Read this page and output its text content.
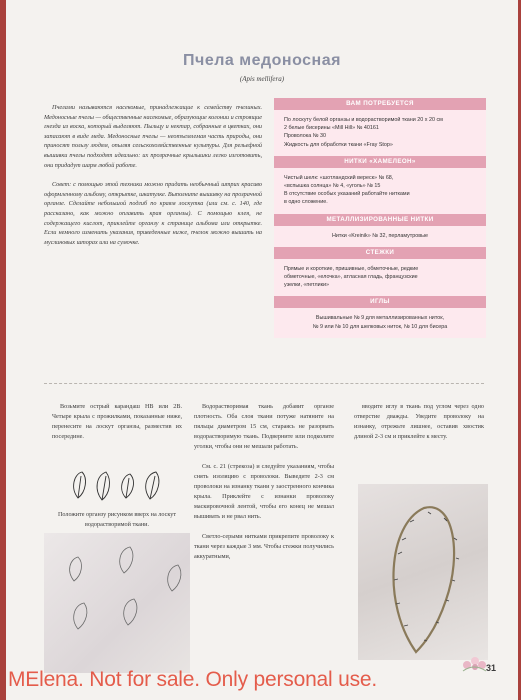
Пчела медоносная
(Apis mellifera)

Пчелами называются насекомые, принадлежащие к семейству пчелиных. Медоносные пчелы — общественные насекомые, образующие колонии и строящие гнезда из воска, который выделяют. Пыльцу и нектар, собранные в цветках, они запасают в виде меда. Медоносные пчелы — неотъемлемая часть природы, они приносят пользу людям, опыляя сельскохозяйственные культуры. Для рельефной вышивки пчелы подходят идеально: их прозрачные крылышки легко изготовить, они придадут шарм любой работе.

Совет: с помощью этой техники можно придать необычный штрих красиво оформленному альбому, открытке, шкатулке. Выполните вышивку на прозрачной органзе. Сделайте небольшой подгиб по краям лоскутка (или см. с. 140, где рассказано, как можно оплавить края органзы). С помощью клея, не содержащего кислот, приклейте органзу к странице альбома или открытке. Если немного изменить указания, приведенные ниже, пчелок можно вышить на муслиновых шторах или на сумочке.

ВАМ ПОТРЕБУЕТСЯ
По лоскуту белой органзы и водорастворимой ткани 20 х 20 см
2 белые бисерины «Mill Hill» № 40161
Проволока № 30
Жидкость для обработки ткани «Fray Stop»
НИТКИ «ХАМЕЛЕОН»
Чистый шелк: «шотландский вереск» № 68,
«вспышка солнца» № 4, «уголь» № 15
В отсутствие особых указаний работайте нитками
в одно сложение.
МЕТАЛЛИЗИРОВАННЫЕ НИТКИ
Нитки «Kreinik» № 32, перламутровые
СТЕЖКИ
Прямые и короткие, пришивные, обметочные, редкие
обметочные, «елочка», атласная гладь, французские
узелки, «петлики»
ИГЛЫ
Вышивальные № 9 для металлизированных ниток,
№ 9 или № 10 для шелковых ниток, № 10 для бисера

Возьмите острый карандаш HB или 2B. Четыре крыла с прожилками, показанные ниже, перенесите на лоскут органзы, разместив их посередине.

Положите органзу рисунком вверх на лоскут водорастворимой ткани.

Водорастворимая ткань добавит органзе плотность. Оба слоя ткани потуже натяните на пяльцы диаметром 15 см, стараясь не разорвать водорастворимую ткань. Подверните или подколите уголки, чтобы они не мешали работать.

См. с. 21 (стрекоза) и следуйте указаниям, чтобы снять изоляцию с проволоки. Выведите 2-3 см проволоки на изнанку ткани у заостренного кончика крыла. Приклейте с изнанки проволоку маскировочной лентой, чтобы его конец не мешал вышивать и не рвал нить.

Светло-серыми нитками прикрепите проволоку к ткани через каждые 3 мм. Чтобы стежки получились аккуратными,

вводите иглу в ткань под углом через одно отверстие дважды. Уведите проволоку на изнанку, отрежьте лишнее, оставив хвостик длиной 2-3 см и приклейте к месту.

31
MElena. Not for sale. Only personal use.
